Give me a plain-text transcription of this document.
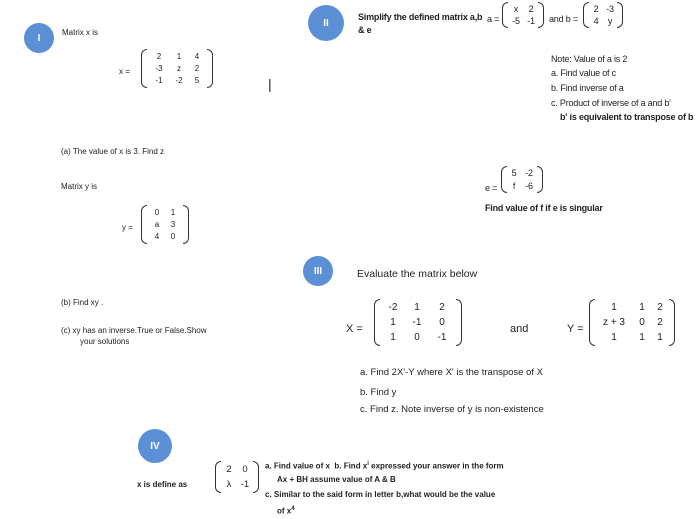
I	Matrix x is
x =
2 1 4
-3 z 2
-1 -2 5	|
(a) The value of x is 3. Find z
Matrix y is
y =
0 1
a 3
4 0
(b) Find xy .
(c) xy has an inverse.True or False.Show
your solutions
II
Simplify the defined matrix a,b
& e
a =
x 2
-5 -1 and b =
2 -3
4 y
Note: Value of a is 2
a. Find value of c
b. Find inverse of a
c. Product of inverse of a and b'
b' is equivalent to transpose of b
e =
5 -2
f -6
Find value of f if e is singular
III	Evaluate the matrix below
X =
-2 1 2
1 -1 0
1 0 -1
and	Y =
1 1 2
z + 3 0 2
1 1 1
a. Find 2X'-Y where X' is the transpose of X
b. Find y
c. Find z. Note inverse of y is non-existence
IV
x is define as
2 0
λ -1
a. Find value of x b. Find $x^i$ expressed your answer in the form
Ax + BH assume value of A & B
c. Similar to the said form in letter b,what would be the value
of $x^4$
